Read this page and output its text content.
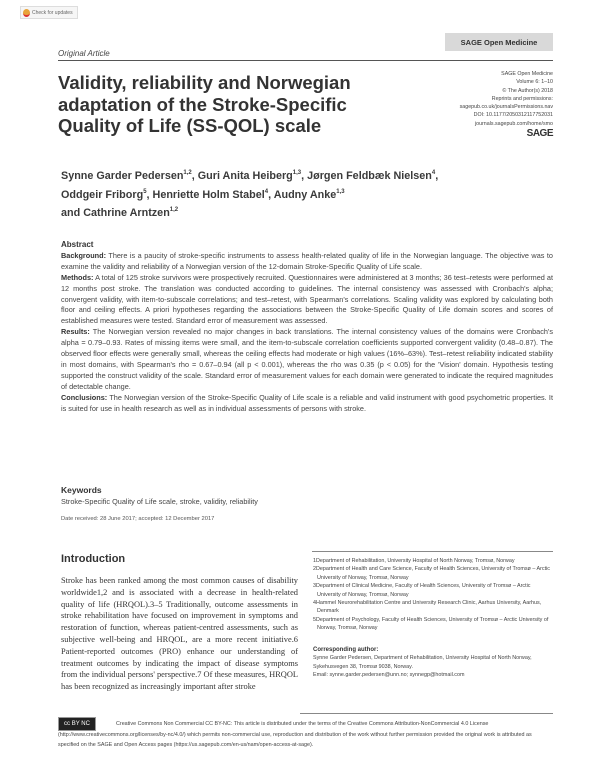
Check for updates
Original Article
SAGE Open Medicine
Validity, reliability and Norwegian adaptation of the Stroke-Specific Quality of Life (SS-QOL) scale
SAGE Open Medicine
Volume 6: 1–10
© The Author(s) 2018
Reprints and permissions:
sagepub.co.uk/journalsPermissions.nav
DOI: 10.1177/2050312117752031
journals.sagepub.com/home/smo
SAGE
Synne Garder Pedersen$^{1,2}$, Guri Anita Heiberg$^{1,3}$, Jørgen Feldbæk Nielsen$^4$, Oddgeir Friborg$^5$, Henriette Holm Stabel$^4$, Audny Anke$^{1,3}$
and Cathrine Arntzen$^{1,2}$
Abstract
Background: There is a paucity of stroke-specific instruments to assess health-related quality of life in the Norwegian language. The objective was to examine the validity and reliability of a Norwegian version of the 12-domain Stroke-Specific Quality of Life scale.
Methods: A total of 125 stroke survivors were prospectively recruited. Questionnaires were administered at 3 months; 36 test–retests were performed at 12 months post stroke. The translation was conducted according to guidelines. The internal consistency was assessed with Cronbach's alpha; convergent validity, with item-to-subscale correlations; and test–retest, with Spearman's correlations. Scaling validity was explored by calculating both floor and ceiling effects. A priori hypotheses regarding the associations between the Stroke-Specific Quality of Life domain scores and scores of established measures were tested. Standard error of measurement was assessed.
Results: The Norwegian version revealed no major changes in back translations. The internal consistency values of the domains were Cronbach's alpha = 0.79–0.93. Rates of missing items were small, and the item-to-subscale correlation coefficients supported convergent validity (0.48–0.87). The observed floor effects were generally small, whereas the ceiling effects had moderate or high values (16%–63%). Test–retest reliability indicated stability in most domains, with Spearman's rho = 0.67–0.94 (all p < 0.001), whereas the rho was 0.35 (p < 0.05) for the 'Vision' domain. Hypothesis testing supported the construct validity of the scale. Standard error of measurement values for each domain were generated to indicate the required magnitudes of detectable change.
Conclusions: The Norwegian version of the Stroke-Specific Quality of Life scale is a reliable and valid instrument with good psychometric properties. It is suited for use in health research as well as in individual assessments of persons with stroke.
Keywords
Stroke-Specific Quality of Life scale, stroke, validity, reliability
Date received: 28 June 2017; accepted: 12 December 2017
Introduction
Stroke has been ranked among the most common causes of disability worldwide1,2 and is associated with a decrease in health-related quality of life (HRQOL).3–5 Traditionally, outcome assessments in stroke rehabilitation have focused on improvement in symptoms and restoration of function, whereas patient-centred assessments, such as subjective well-being and HRQOL, are a more recent initiative.6 Patient-reported outcomes (PRO) enhance our understanding of treatment outcomes by indicating the impact of disease symptoms from the individual persons' perspective.7 Of these measures, HRQOL has been recognized as increasingly important after stroke
1Department of Rehabilitation, University Hospital of North Norway, Tromsø, Norway
2Department of Health and Care Science, Faculty of Health Sciences, University of Tromsø – Arctic University of Norway, Tromsø, Norway
3Department of Clinical Medicine, Faculty of Health Sciences, University of Tromsø – Arctic University of Norway, Tromsø, Norway
4Hammel Neurorehabilitation Centre and University Research Clinic, Aarhus University, Aarhus, Denmark
5Department of Psychology, Faculty of Health Sciences, University of Tromsø – Arctic University of Norway, Tromsø, Norway
Corresponding author:
Synne Garder Pedersen, Department of Rehabilitation, University Hospital of North Norway, Sykehusvegen 38, Tromsø 9038, Norway.
Email: synne.garder.pedersen@unn.no; synnegp@hotmail.com
Creative Commons Non Commercial CC BY-NC: This article is distributed under the terms of the Creative Commons Attribution-NonCommercial 4.0 License (http://www.creativecommons.org/licenses/by-nc/4.0/) which permits non-commercial use, reproduction and distribution of the work without further permission provided the original work is attributed as specified on the SAGE and Open Access pages (https://us.sagepub.com/en-us/nam/open-access-at-sage).
cc BY NC
